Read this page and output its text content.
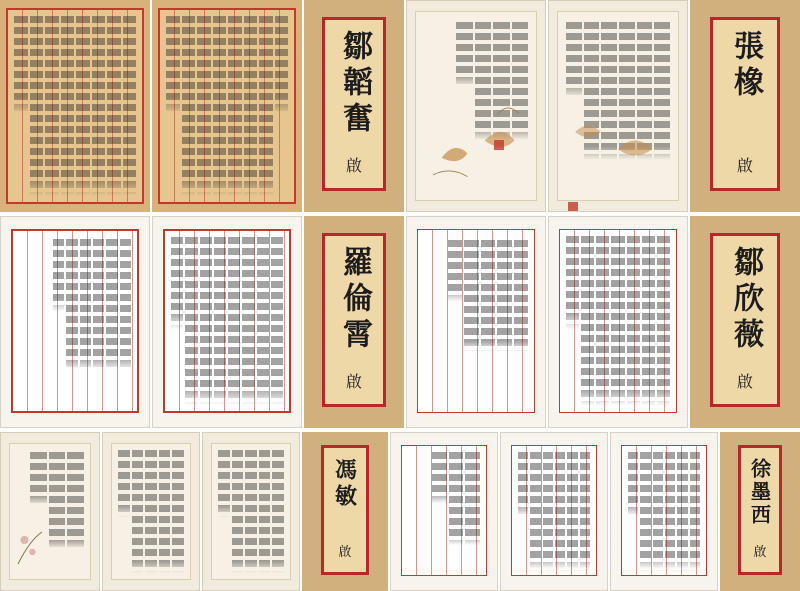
鄒韜奮
啟
張橡
啟
羅倫霄
啟
鄒欣薇
啟
馮敏
啟
徐墨西
啟
